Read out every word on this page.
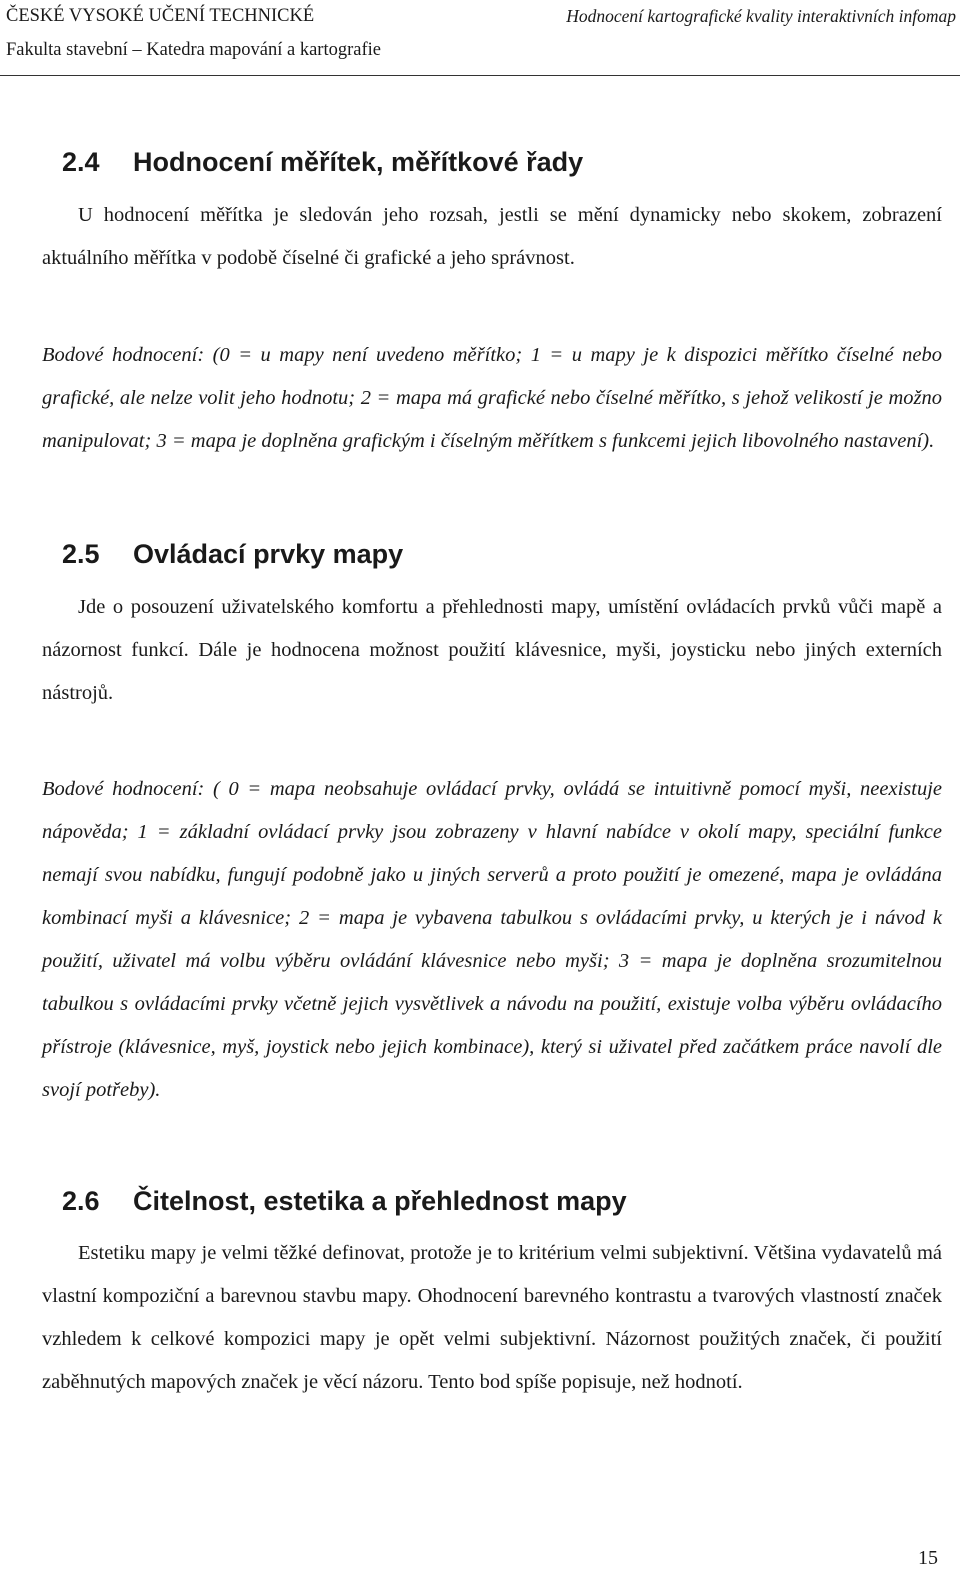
ČESKÉ VYSOKÉ UČENÍ TECHNICKÉ
Fakulta stavební – Katedra mapování a kartografie
Hodnocení kartografické kvality interaktivních infomap
2.4 Hodnocení měřítek, měřítkové řady
U hodnocení měřítka je sledován jeho rozsah, jestli se mění dynamicky nebo skokem, zobrazení aktuálního měřítka v podobě číselné či grafické a jeho správnost.
Bodové hodnocení: (0 = u mapy není uvedeno měřítko; 1 = u mapy je k dispozici měřítko číselné nebo grafické, ale nelze volit jeho hodnotu; 2 = mapa má grafické nebo číselné měřítko, s jehož velikostí je možno manipulovat; 3 = mapa je doplněna grafickým i číselným měřítkem s funkcemi jejich libovolného nastavení).
2.5 Ovládací prvky mapy
Jde o posouzení uživatelského komfortu a přehlednosti mapy, umístění ovládacích prvků vůči mapě a názornost funkcí. Dále je hodnocena možnost použití klávesnice, myši, joysticku nebo jiných externích nástrojů.
Bodové hodnocení: ( 0 = mapa neobsahuje ovládací prvky, ovládá se intuitivně pomocí myši, neexistuje nápověda; 1 = základní ovládací prvky jsou zobrazeny v hlavní nabídce v okolí mapy, speciální funkce nemají svou nabídku, fungují podobně jako u jiných serverů a proto použití je omezené, mapa je ovládána kombinací myši a klávesnice; 2 = mapa je vybavena tabulkou s ovládacími prvky, u kterých je i návod k použití, uživatel má volbu výběru ovládání klávesnice nebo myši; 3 = mapa je doplněna srozumitelnou tabulkou s ovládacími prvky včetně jejich vysvětlivek a návodu na použití, existuje volba výběru ovládacího přístroje (klávesnice, myš, joystick nebo jejich kombinace), který si uživatel před začátkem práce navolí dle svojí potřeby).
2.6 Čitelnost, estetika a přehlednost mapy
Estetiku mapy je velmi těžké definovat, protože je to kritérium velmi subjektivní. Většina vydavatelů má vlastní kompoziční a barevnou stavbu mapy. Ohodnocení barevného kontrastu a tvarových vlastností značek vzhledem k celkové kompozici mapy je opět velmi subjektivní. Názornost použitých značek, či použití zaběhnutých mapových značek je věcí názoru. Tento bod spíše popisuje, než hodnotí.
15
